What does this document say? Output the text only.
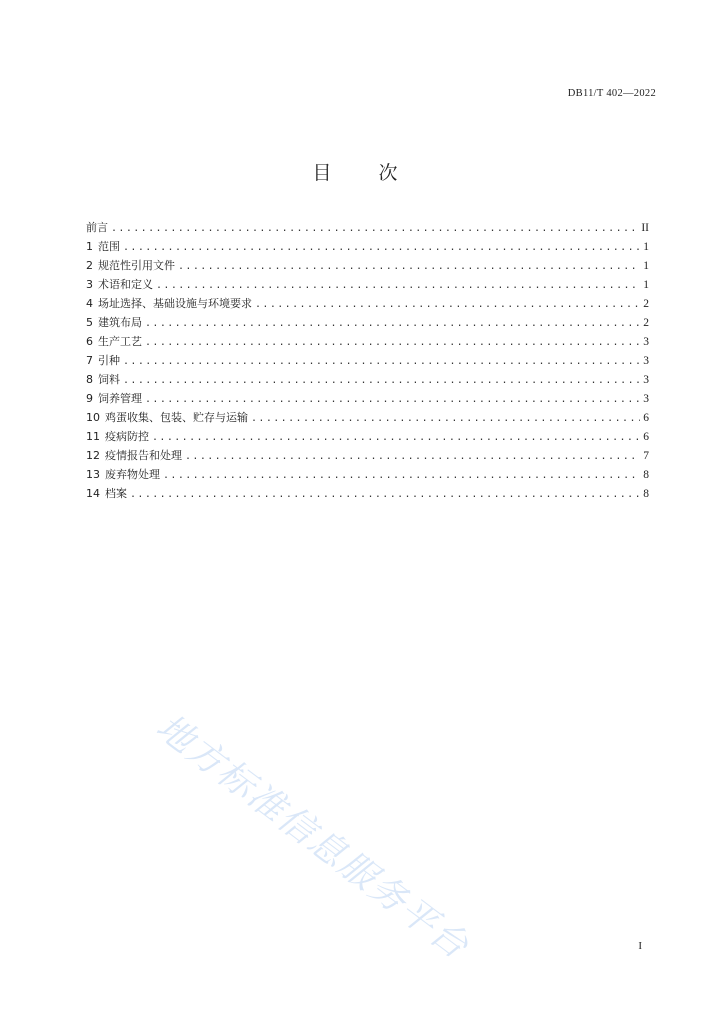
DB11/T 402—2022
目　次
前言 .....	II
1 范围 .....	1
2 规范性引用文件 .....	1
3 术语和定义 .....	1
4 场址选择、基础设施与环境要求 .....	2
5 建筑布局 .....	2
6 生产工艺 .....	3
7 引种 .....	3
8 饲料 .....	3
9 饲养管理 .....	3
10 鸡蛋收集、包装、贮存与运输 .....	6
11 疫病防控 .....	6
12 疫情报告和处理 .....	7
13 废弃物处理 .....	8
14 档案 .....	8
地方标准信息服务平台	I
